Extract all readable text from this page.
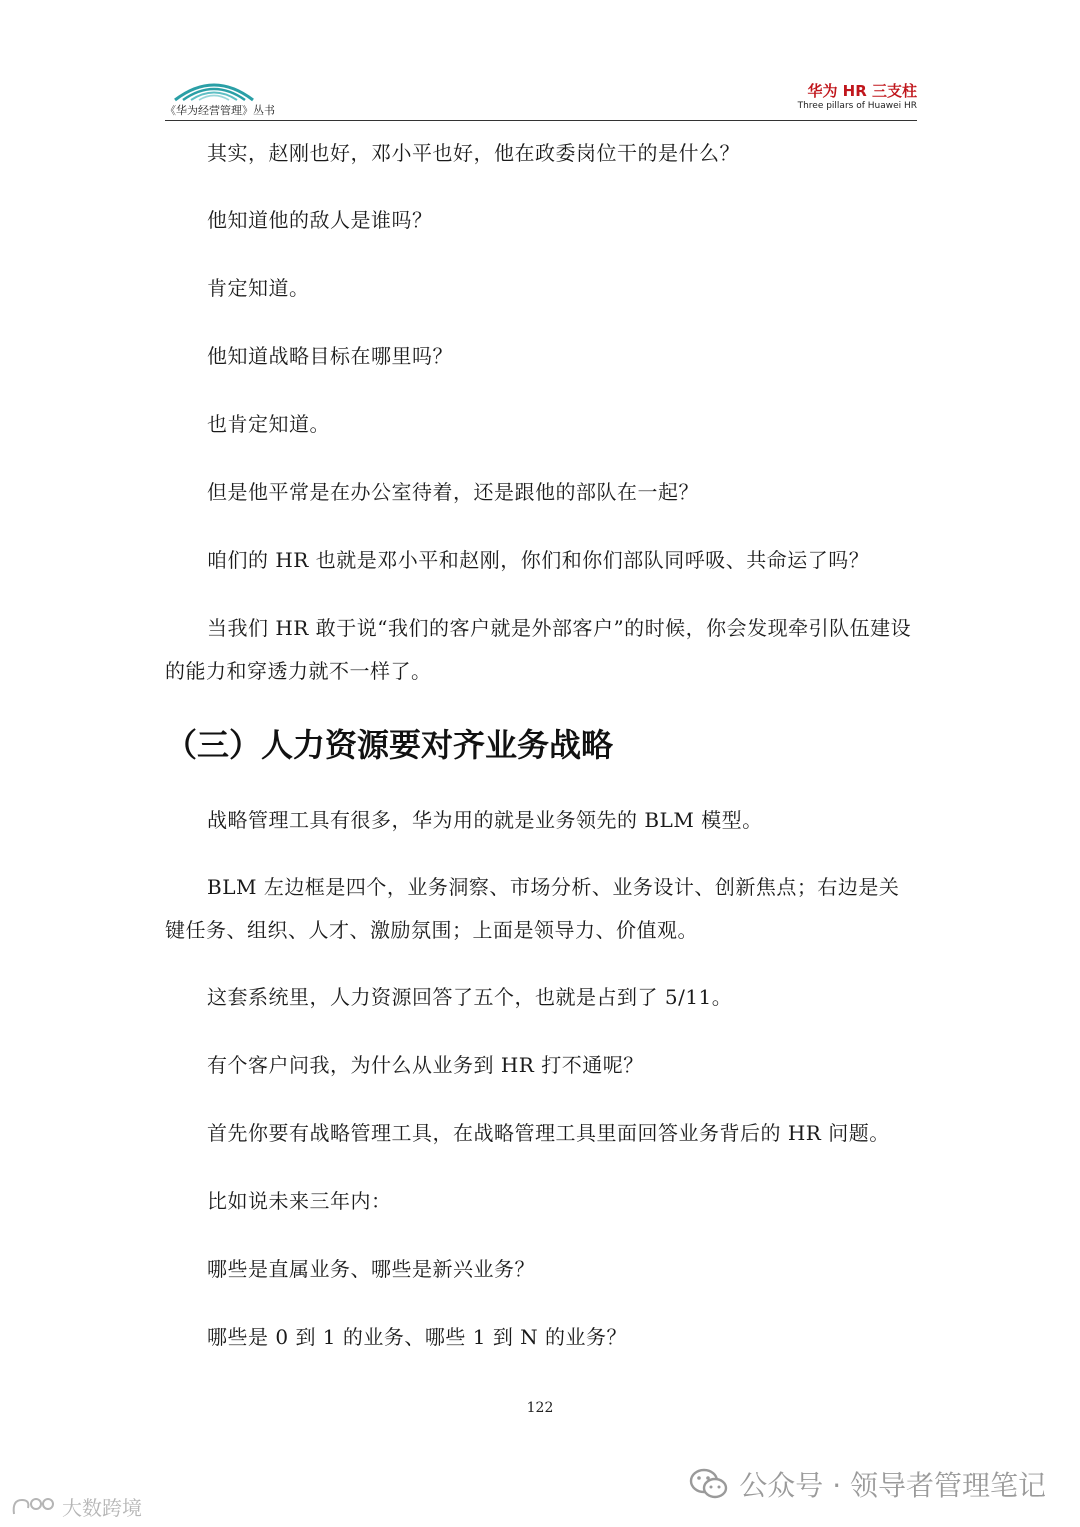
《华为经营管理》丛书
华为 HR 三支柱
Three pillars of Huawei HR
其实，赵刚也好，邓小平也好，他在政委岗位干的是什么？
他知道他的敌人是谁吗？
肯定知道。
他知道战略目标在哪里吗？
也肯定知道。
但是他平常是在办公室待着，还是跟他的部队在一起？
咱们的 HR 也就是邓小平和赵刚，你们和你们部队同呼吸、共命运了吗？
当我们 HR 敢于说“我们的客户就是外部客户”的时候，你会发现牵引队伍建设的能力和穿透力就不一样了。
（三）人力资源要对齐业务战略
战略管理工具有很多，华为用的就是业务领先的 BLM 模型。
BLM 左边框是四个，业务洞察、市场分析、业务设计、创新焦点；右边是关键任务、组织、人才、激励氛围；上面是领导力、价值观。
这套系统里，人力资源回答了五个，也就是占到了 5/11。
有个客户问我，为什么从业务到 HR 打不通呢？
首先你要有战略管理工具，在战略管理工具里面回答业务背后的 HR 问题。
比如说未来三年内：
哪些是直属业务、哪些是新兴业务？
哪些是 0 到 1 的业务、哪些 1 到 N 的业务？
122
公众号 · 领导者管理笔记
大数跨境
